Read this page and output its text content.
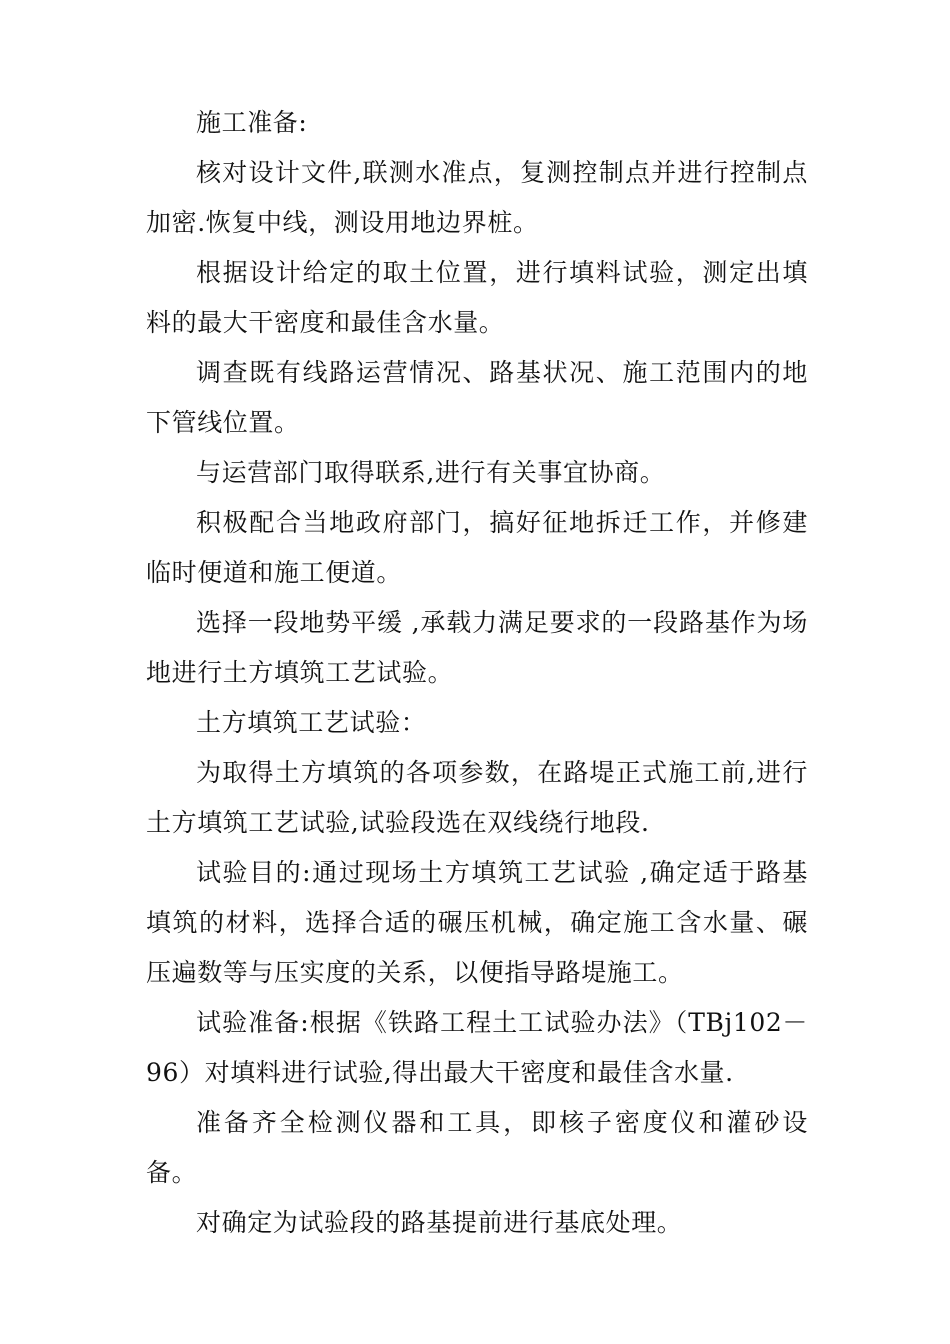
施工准备:

核对设计文件,联测水准点，复测控制点并进行控制点加密.恢复中线，测设用地边界桩。

根据设计给定的取土位置，进行填料试验，测定出填料的最大干密度和最佳含水量。

调查既有线路运营情况、路基状况、施工范围内的地下管线位置。

与运营部门取得联系,进行有关事宜协商。

积极配合当地政府部门，搞好征地拆迁工作，并修建临时便道和施工便道。

选择一段地势平缓 ,承载力满足要求的一段路基作为场地进行土方填筑工艺试验。

土方填筑工艺试验：

为取得土方填筑的各项参数，在路堤正式施工前,进行土方填筑工艺试验,试验段选在双线绕行地段.

试验目的:通过现场土方填筑工艺试验 ,确定适于路基填筑的材料，选择合适的碾压机械，确定施工含水量、碾压遍数等与压实度的关系，以便指导路堤施工。

试验准备:根据《铁路工程土工试验办法》（TBj102－96）对填料进行试验,得出最大干密度和最佳含水量.

准备齐全检测仪器和工具，即核子密度仪和灌砂设备。

对确定为试验段的路基提前进行基底处理。
